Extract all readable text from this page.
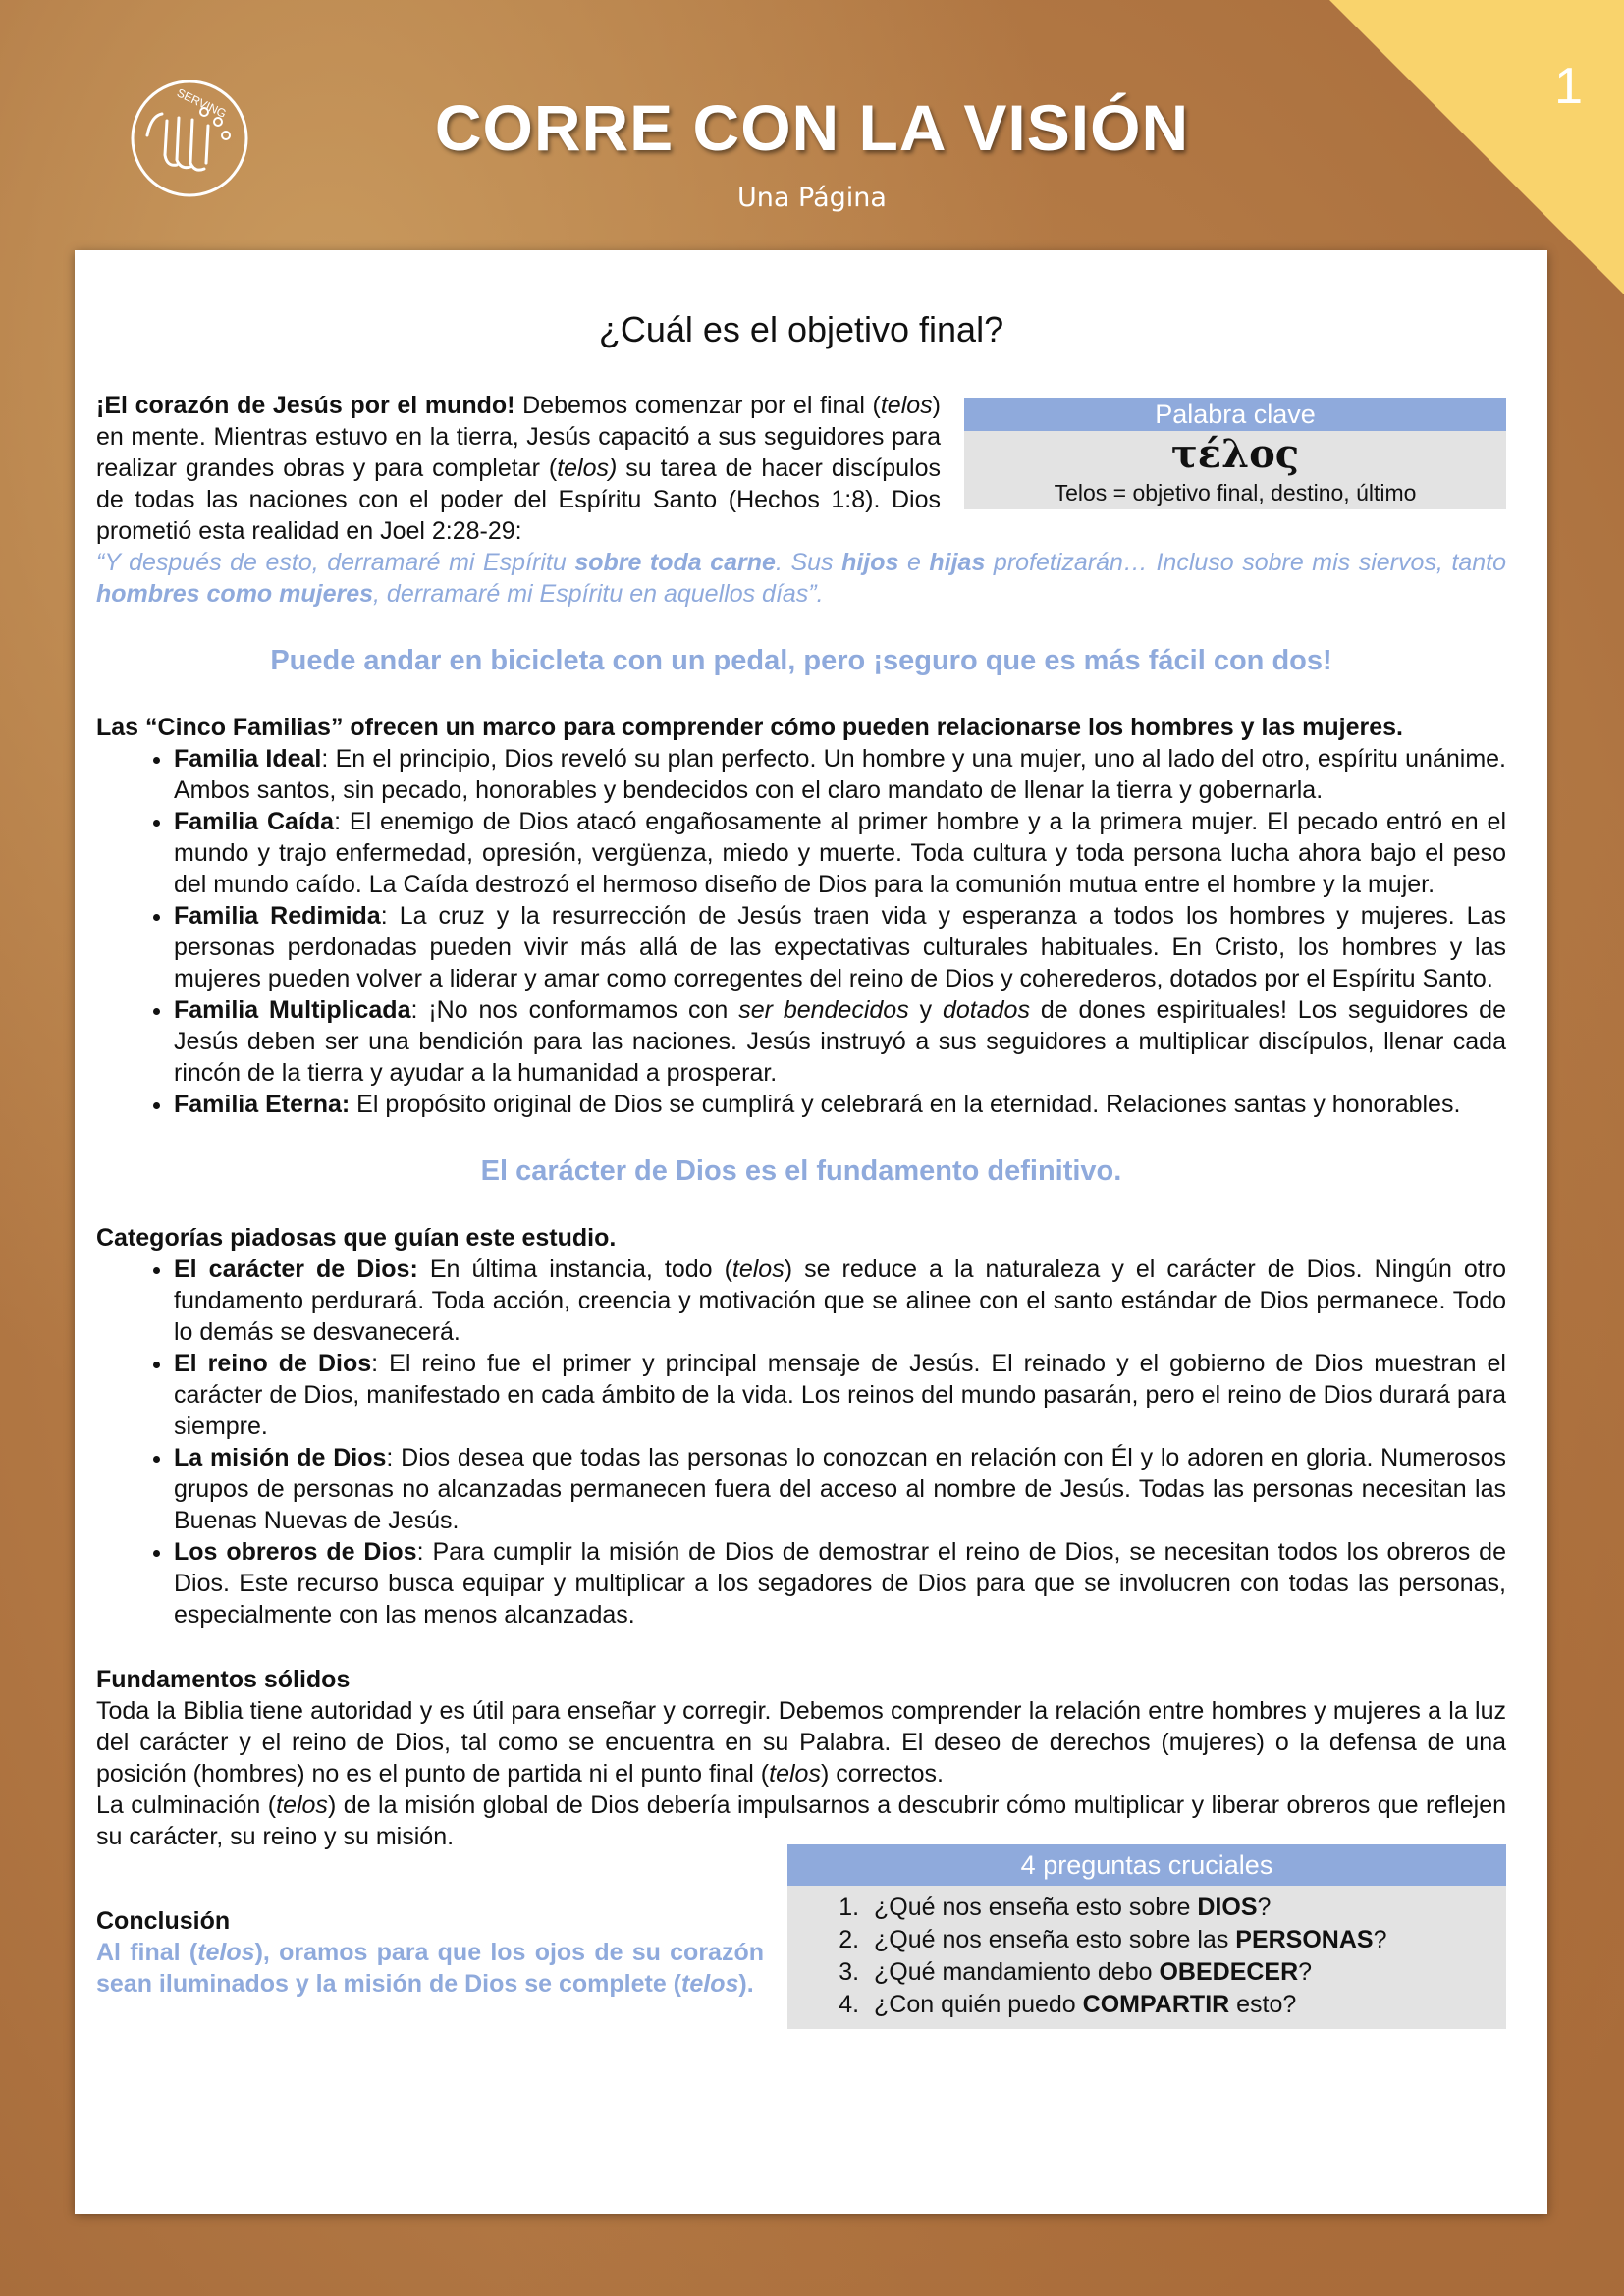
1
SERVING	CORRE CON LA VISIÓN
Una Página
¿Cuál es el objetivo final?
Palabra clave
τέλος
Telos = objetivo final, destino, último

¡El corazón de Jesús por el mundo! Debemos comenzar por el final (telos) en mente. Mientras estuvo en la tierra, Jesús capacitó a sus seguidores para realizar grandes obras y para completar (telos) su tarea de hacer discípulos de todas las naciones con el poder del Espíritu Santo (Hechos 1:8). Dios prometió esta realidad en Joel 2:28-29:

“Y después de esto, derramaré mi Espíritu sobre toda carne. Sus hijos e hijas profetizarán… Incluso sobre mis siervos, tanto hombres como mujeres, derramaré mi Espíritu en aquellos días”.

Puede andar en bicicleta con un pedal, pero ¡seguro que es más fácil con dos!

Las “Cinco Familias” ofrecen un marco para comprender cómo pueden relacionarse los hombres y las mujeres.

• Familia Ideal: En el principio, Dios reveló su plan perfecto. Un hombre y una mujer, uno al lado del otro, espíritu unánime. Ambos santos, sin pecado, honorables y bendecidos con el claro mandato de llenar la tierra y gobernarla.
• Familia Caída: El enemigo de Dios atacó engañosamente al primer hombre y a la primera mujer. El pecado entró en el mundo y trajo enfermedad, opresión, vergüenza, miedo y muerte. Toda cultura y toda persona lucha ahora bajo el peso del mundo caído. La Caída destrozó el hermoso diseño de Dios para la comunión mutua entre el hombre y la mujer.
• Familia Redimida: La cruz y la resurrección de Jesús traen vida y esperanza a todos los hombres y mujeres. Las personas perdonadas pueden vivir más allá de las expectativas culturales habituales. En Cristo, los hombres y las mujeres pueden volver a liderar y amar como corregentes del reino de Dios y coherederos, dotados por el Espíritu Santo.
• Familia Multiplicada: ¡No nos conformamos con ser bendecidos y dotados de dones espirituales! Los seguidores de Jesús deben ser una bendición para las naciones. Jesús instruyó a sus seguidores a multiplicar discípulos, llenar cada rincón de la tierra y ayudar a la humanidad a prosperar.
• Familia Eterna: El propósito original de Dios se cumplirá y celebrará en la eternidad. Relaciones santas y honorables.
El carácter de Dios es el fundamento definitivo.
Categorías piadosas que guían este estudio.
• El carácter de Dios: En última instancia, todo (telos) se reduce a la naturaleza y el carácter de Dios. Ningún otro fundamento perdurará. Toda acción, creencia y motivación que se alinee con el santo estándar de Dios permanece. Todo lo demás se desvanecerá.
• El reino de Dios: El reino fue el primer y principal mensaje de Jesús. El reinado y el gobierno de Dios muestran el carácter de Dios, manifestado en cada ámbito de la vida. Los reinos del mundo pasarán, pero el reino de Dios durará para siempre.
• La misión de Dios: Dios desea que todas las personas lo conozcan en relación con Él y lo adoren en gloria. Numerosos grupos de personas no alcanzadas permanecen fuera del acceso al nombre de Jesús. Todas las personas necesitan las Buenas Nuevas de Jesús.
• Los obreros de Dios: Para cumplir la misión de Dios de demostrar el reino de Dios, se necesitan todos los obreros de Dios. Este recurso busca equipar y multiplicar a los segadores de Dios para que se involucren con todas las personas, especialmente con las menos alcanzadas.
Fundamentos sólidos

Toda la Biblia tiene autoridad y es útil para enseñar y corregir. Debemos comprender la relación entre hombres y mujeres a la luz del carácter y el reino de Dios, tal como se encuentra en su Palabra. El deseo de derechos (mujeres) o la defensa de una posición (hombres) no es el punto de partida ni el punto final (telos) correctos.

La culminación (telos) de la misión global de Dios debería impulsarnos a descubrir cómo multiplicar y liberar obreros que reflejen su carácter, su reino y su misión.

4 preguntas cruciales
1. ¿Qué nos enseña esto sobre DIOS?
2. ¿Qué nos enseña esto sobre las PERSONAS?
3. ¿Qué mandamiento debo OBEDECER?
4. ¿Con quién puedo COMPARTIR esto?
Conclusión
Al final (telos), oramos para que los ojos de su corazón sean iluminados y la misión de Dios se complete (telos).
